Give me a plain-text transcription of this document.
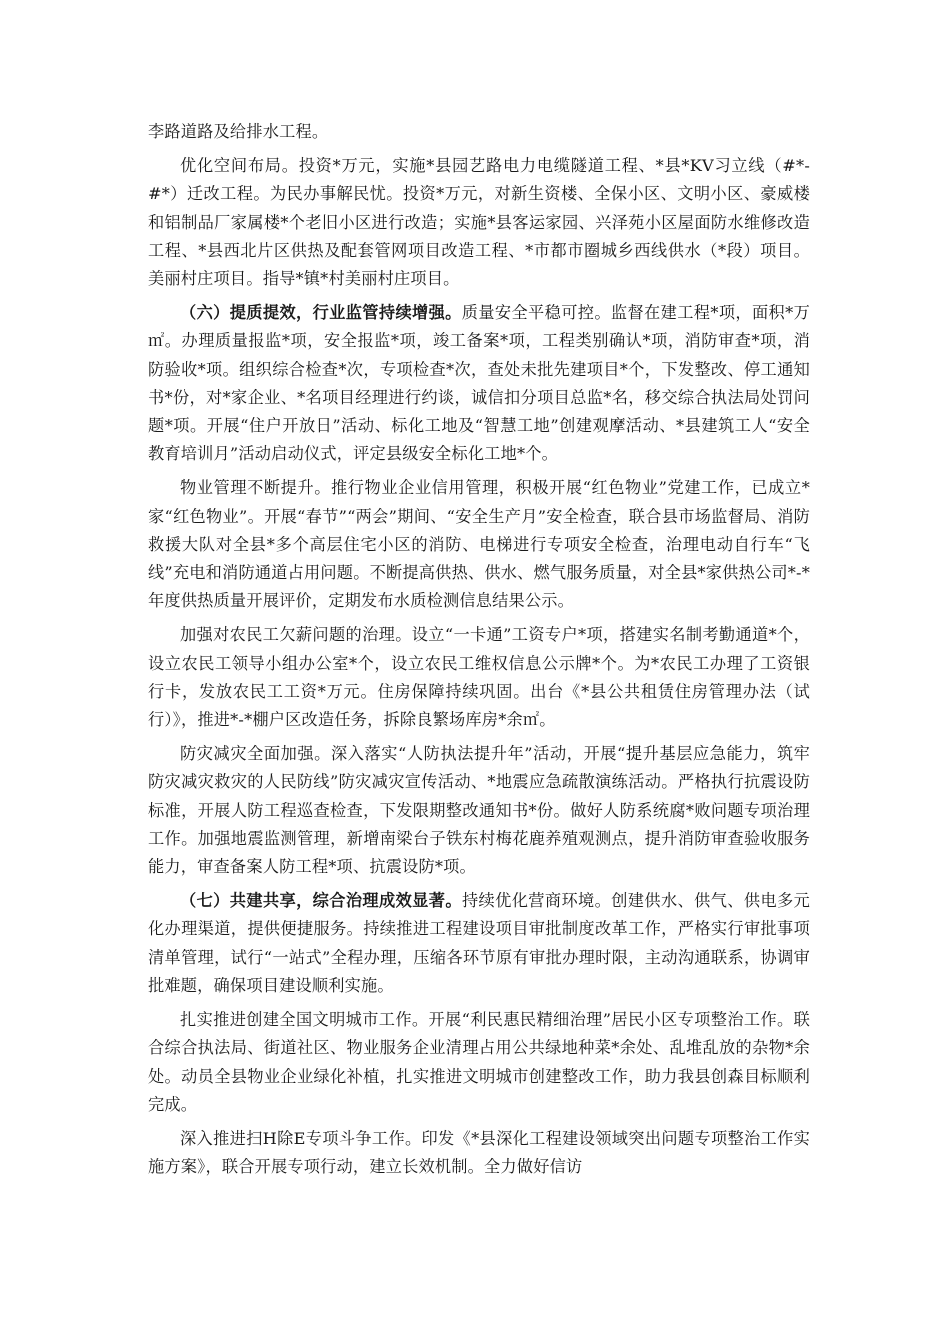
李路道路及给排水工程。

优化空间布局。投资*万元，实施*县园艺路电力电缆隧道工程、*县*KV习立线（#*-#*）迁改工程。为民办事解民忧。投资*万元，对新生资楼、全保小区、文明小区、豪威楼和铝制品厂家属楼*个老旧小区进行改造；实施*县客运家园、兴泽苑小区屋面防水维修改造工程、*县西北片区供热及配套管网项目改造工程、*市都市圈城乡西线供水（*段）项目。美丽村庄项目。指导*镇*村美丽村庄项目。

（六）提质提效，行业监管持续增强。质量安全平稳可控。监督在建工程*项，面积*万㎡。办理质量报监*项，安全报监*项，竣工备案*项，工程类别确认*项，消防审查*项，消防验收*项。组织综合检查*次，专项检查*次，查处未批先建项目*个，下发整改、停工通知书*份，对*家企业、*名项目经理进行约谈，诚信扣分项目总监*名，移交综合执法局处罚问题*项。开展“住户开放日”活动、标化工地及“智慧工地”创建观摩活动、*县建筑工人“安全教育培训月”活动启动仪式，评定县级安全标化工地*个。

物业管理不断提升。推行物业企业信用管理，积极开展“红色物业”党建工作，已成立*家“红色物业”。开展“春节”“两会”期间、“安全生产月”安全检查，联合县市场监督局、消防救援大队对全县*多个高层住宅小区的消防、电梯进行专项安全检查，治理电动自行车“飞线”充电和消防通道占用问题。不断提高供热、供水、燃气服务质量，对全县*家供热公司*-*年度供热质量开展评价，定期发布水质检测信息结果公示。

加强对农民工欠薪问题的治理。设立“一卡通”工资专户*项，搭建实名制考勤通道*个，设立农民工领导小组办公室*个，设立农民工维权信息公示牌*个。为*农民工办理了工资银行卡，发放农民工工资*万元。住房保障持续巩固。出台《*县公共租赁住房管理办法（试行）》，推进*-*棚户区改造任务，拆除良繁场库房*余㎡。

防灾减灾全面加强。深入落实“人防执法提升年”活动，开展“提升基层应急能力，筑牢防灾减灾救灾的人民防线”防灾减灾宣传活动、*地震应急疏散演练活动。严格执行抗震设防标准，开展人防工程巡查检查，下发限期整改通知书*份。做好人防系统腐*败问题专项治理工作。加强地震监测管理，新增南梁台子铁东村梅花鹿养殖观测点，提升消防审查验收服务能力，审查备案人防工程*项、抗震设防*项。

（七）共建共享，综合治理成效显著。持续优化营商环境。创建供水、供气、供电多元化办理渠道，提供便捷服务。持续推进工程建设项目审批制度改革工作，严格实行审批事项清单管理，试行“一站式”全程办理，压缩各环节原有审批办理时限，主动沟通联系，协调审批难题，确保项目建设顺利实施。

扎实推进创建全国文明城市工作。开展“利民惠民精细治理”居民小区专项整治工作。联合综合执法局、街道社区、物业服务企业清理占用公共绿地种菜*余处、乱堆乱放的杂物*余处。动员全县物业企业绿化补植，扎实推进文明城市创建整改工作，助力我县创森目标顺利完成。

深入推进扫H除E专项斗争工作。印发《*县深化工程建设领域突出问题专项整治工作实施方案》，联合开展专项行动，建立长效机制。全力做好信访
